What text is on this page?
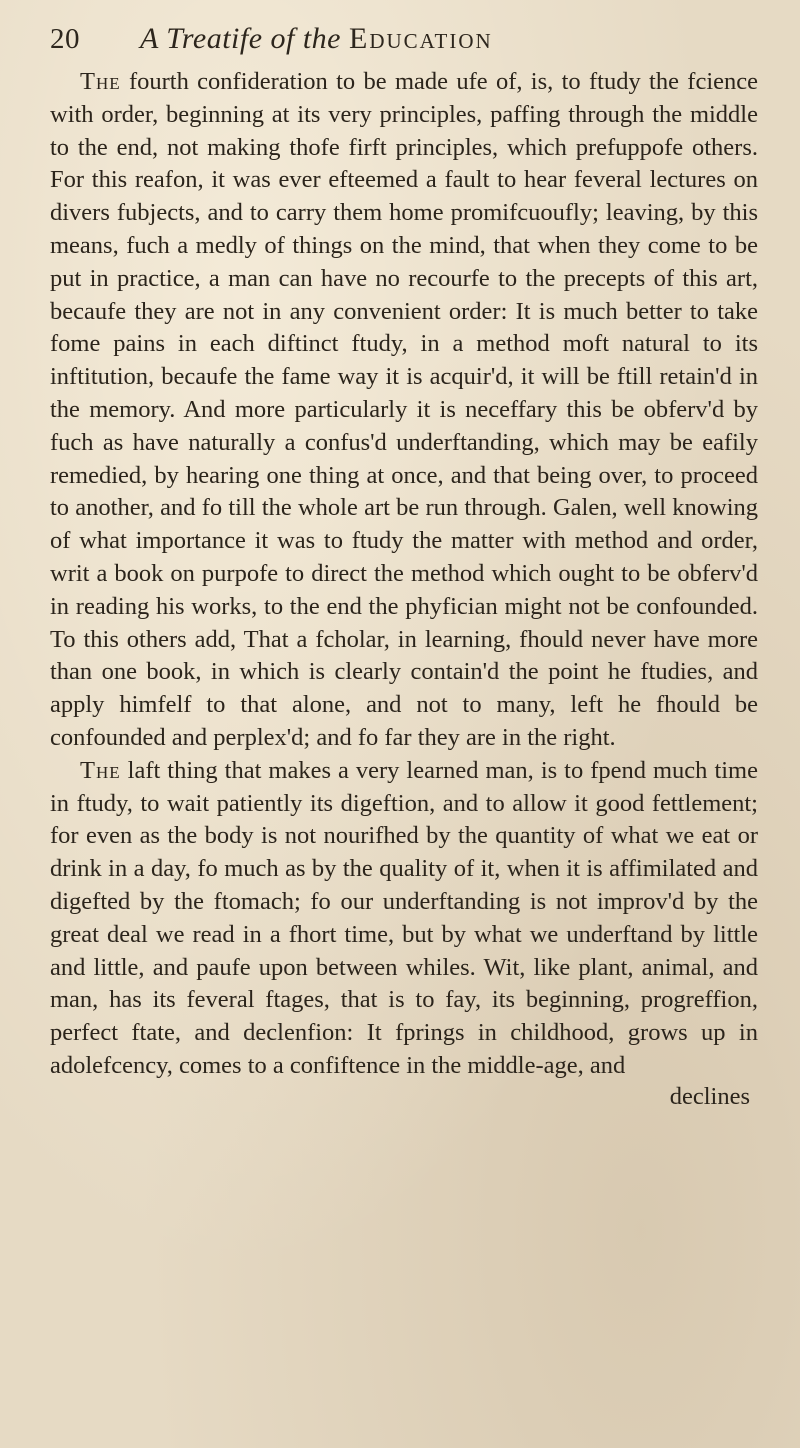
20	A Treatife of the Education

The fourth confideration to be made ufe of, is, to ftudy the fcience with order, beginning at its very principles, paffing through the middle to the end, not making thofe firft principles, which prefuppofe others. For this reafon, it was ever efteemed a fault to hear feveral lectures on divers fubjects, and to carry them home promifcuoufly; leaving, by this means, fuch a medly of things on the mind, that when they come to be put in practice, a man can have no recourfe to the precepts of this art, becaufe they are not in any convenient order: It is much better to take fome pains in each diftinct ftudy, in a method moft natural to its inftitution, becaufe the fame way it is acquir'd, it will be ftill retain'd in the memory. And more particularly it is neceffary this be obferv'd by fuch as have naturally a confus'd underftanding, which may be eafily remedied, by hearing one thing at once, and that being over, to proceed to another, and fo till the whole art be run through. Galen, well knowing of what importance it was to ftudy the matter with method and order, writ a book on purpofe to direct the method which ought to be obferv'd in reading his works, to the end the phyfician might not be confounded. To this others add, That a fcholar, in learning, fhould never have more than one book, in which is clearly contain'd the point he ftudies, and apply himfelf to that alone, and not to many, left he fhould be confounded and perplex'd; and fo far they are in the right.

The laft thing that makes a very learned man, is to fpend much time in ftudy, to wait patiently its digeftion, and to allow it good fettlement; for even as the body is not nourifhed by the quantity of what we eat or drink in a day, fo much as by the quality of it, when it is affimilated and digefted by the ftomach; fo our underftanding is not improv'd by the great deal we read in a fhort time, but by what we underftand by little and little, and paufe upon between whiles. Wit, like plant, animal, and man, has its feveral ftages, that is to fay, its beginning, progreffion, perfect ftate, and declenfion: It fprings in childhood, grows up in adolefcency, comes to a confiftence in the middle-age, and

declines
